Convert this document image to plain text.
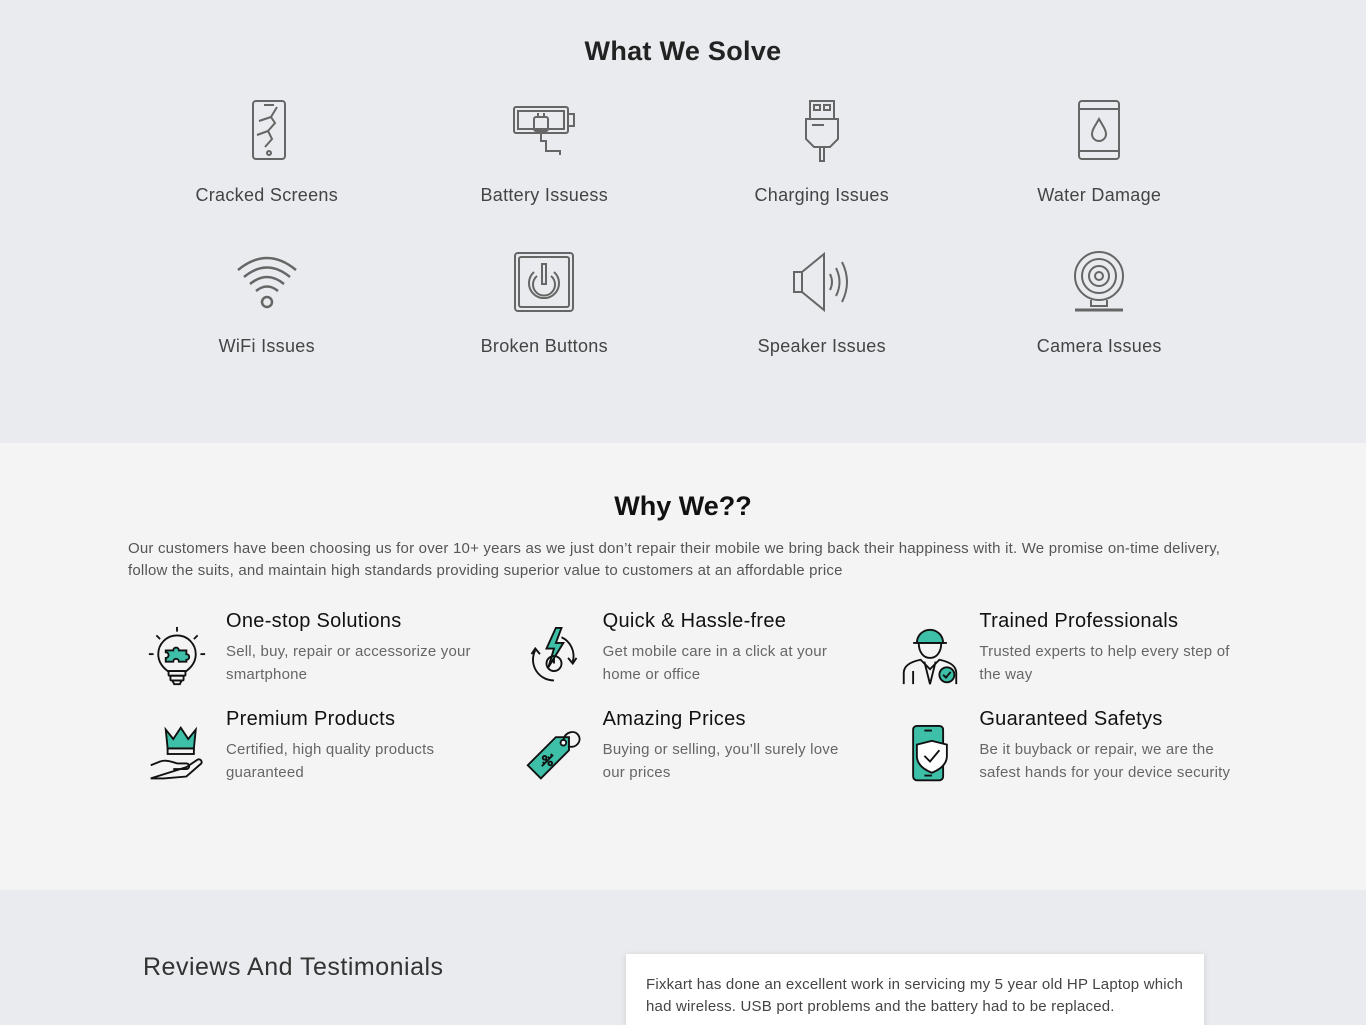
What We Solve
Cracked Screens	Battery Issuess	Charging Issues	Water Damage
WiFi Issues	Broken Buttons	Speaker Issues	Camera Issues
Why We??

Our customers have been choosing us for over 10+ years as we just don’t repair their mobile we bring back their happiness with it. We promise on-time delivery, follow the suits, and maintain high standards providing superior value to customers at an affordable price

One-stop Solutions

Sell, buy, repair or accessorize your smartphone

Quick & Hassle-free

Get mobile care in a click at your home or office

Trained Professionals

Trusted experts to help every step of the way

Premium Products

Certified, high quality products guaranteed

Amazing Prices

Buying or selling, you’ll surely love our prices

Guaranteed Safetys

Be it buyback or repair, we are the safest hands for your device security

Reviews And Testimonials

Fixkart has done an excellent work in servicing my 5 year old HP Laptop which had wireless. USB port problems and the battery had to be replaced.
